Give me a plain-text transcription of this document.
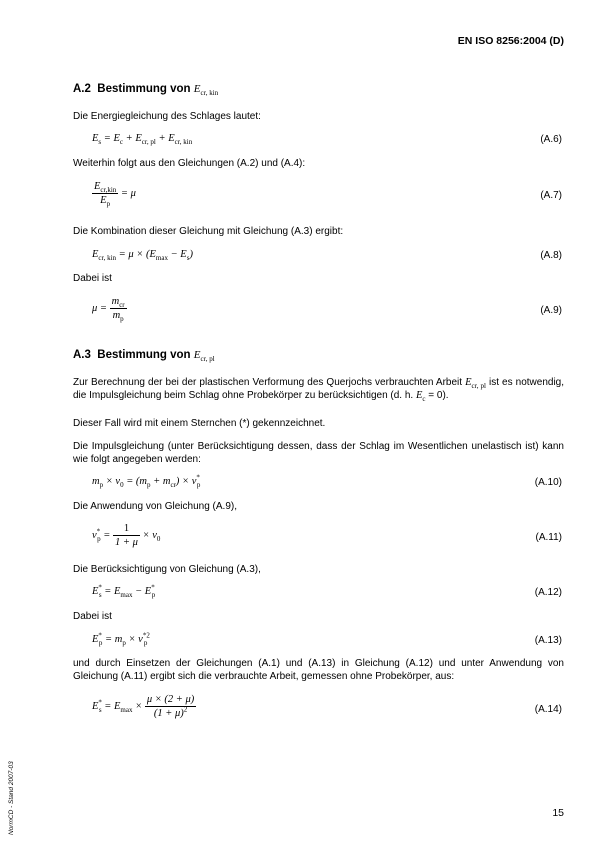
EN ISO 8256:2004 (D)
A.2 Bestimmung von $E_{cr, kin}$
Die Energiegleichung des Schlages lautet:
$E_s = E_c + E_{cr, pl} + E_{cr, kin}$	(A.6)
Weiterhin folgt aus den Gleichungen (A.2) und (A.4):
$\frac{E_{cr,kin}}{E_p} = \mu$	(A.7)
Die Kombination dieser Gleichung mit Gleichung (A.3) ergibt:
$E_{cr, kin} = \mu \times (E_{max} - E_s)$	(A.8)
Dabei ist
$\mu = \frac{m_{cr}}{m_p}$	(A.9)
A.3 Bestimmung von $E_{cr, pl}$
Zur Berechnung der bei der plastischen Verformung des Querjochs verbrauchten Arbeit $E_{cr, pl}$ ist es notwendig, die Impulsgleichung beim Schlag ohne Probekörper zu berücksichtigen (d. h. $E_c = 0$).
Dieser Fall wird mit einem Sternchen (*) gekennzeichnet.
Die Impulsgleichung (unter Berücksichtigung dessen, dass der Schlag im Wesentlichen unelastisch ist) kann wie folgt angegeben werden:
$m_p \times v_0 = (m_p + m_{cr}) \times v^*_p$	(A.10)
Die Anwendung von Gleichung (A.9),
$v^*_p = \frac{1}{1 + \mu} \times v_0$	(A.11)
Die Berücksichtigung von Gleichung (A.3),
$E^*_s = E_{max} - E^*_p$	(A.12)
Dabei ist
$E^*_p = m_p \times v^{*2}_p$	(A.13)
und durch Einsetzen der Gleichungen (A.1) und (A.13) in Gleichung (A.12) und unter Anwendung von Gleichung (A.11) ergibt sich die verbrauchte Arbeit, gemessen ohne Probekörper, aus:
$E^*_s = E_{max} \times \frac{\mu \times (2 + \mu)}{(1 + \mu)^2}$	(A.14)
NormCD - Stand 2007-03	15
